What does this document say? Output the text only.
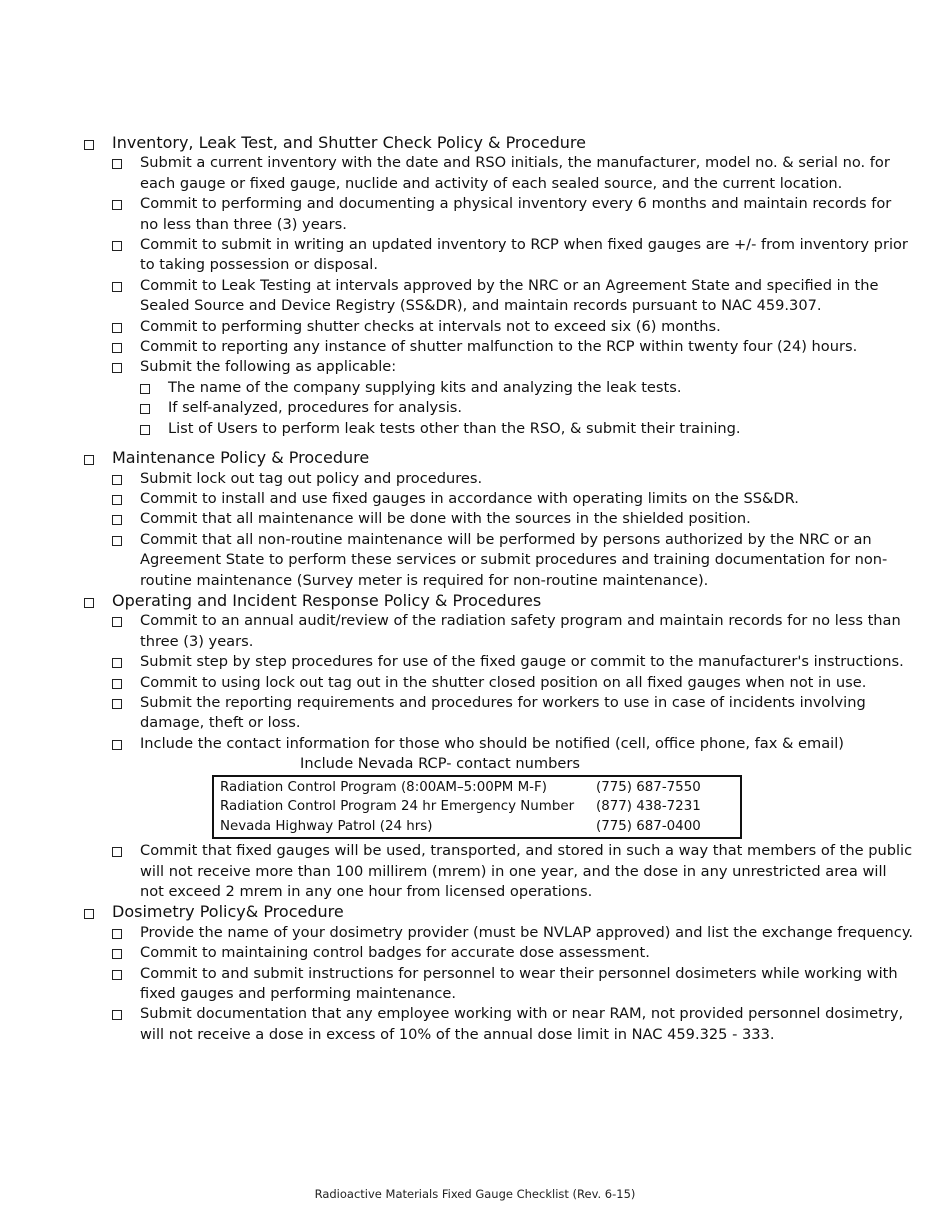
Inventory, Leak Test, and Shutter Check Policy & Procedure
Submit a current inventory with the date and RSO initials, the manufacturer, model no. & serial no. for each gauge or fixed gauge, nuclide and activity of each sealed source, and the current location.
Commit to performing and documenting a physical inventory every 6 months and maintain records for no less than three (3) years.
Commit to submit in writing an updated inventory to RCP when fixed gauges are +/- from inventory prior to taking possession or disposal.
Commit to Leak Testing at intervals approved by the NRC or an Agreement State and specified in the Sealed Source and Device Registry (SS&DR), and maintain records pursuant to NAC 459.307.
Commit to performing shutter checks at intervals not to exceed six (6) months.
Commit to reporting any instance of shutter malfunction to the RCP within twenty four (24) hours.
Submit the following as applicable:
The name of the company supplying kits and analyzing the leak tests.
If self-analyzed, procedures for analysis.
List of Users to perform leak tests other than the RSO, & submit their training.
Maintenance Policy & Procedure
Submit lock out tag out policy and procedures.
Commit to install and use fixed gauges in accordance with operating limits on the SS&DR.
Commit that all maintenance will be done with the sources in the shielded position.
Commit that all non-routine maintenance will be performed by persons authorized by the NRC or an Agreement State to perform these services or submit procedures and training documentation for non-routine maintenance (Survey meter is required for non-routine maintenance).
Operating and Incident Response Policy & Procedures
Commit to an annual audit/review of the radiation safety program and maintain records for no less than three (3) years.
Submit step by step procedures for use of the fixed gauge or commit to the manufacturer's instructions.
Commit to using lock out tag out in the shutter closed position on all fixed gauges when not in use.
Submit the reporting requirements and procedures for workers to use in case of incidents involving damage, theft or loss.
Include the contact information for those who should be notified (cell, office phone, fax & email)
Include Nevada RCP- contact numbers
Radiation Control Program (8:00AM–5:00PM M-F)	(775) 687-7550
Radiation Control Program 24 hr Emergency Number	(877) 438-7231
Nevada Highway Patrol (24 hrs)	(775) 687-0400
Commit that fixed gauges will be used, transported, and stored in such a way that members of the public will not receive more than 100 millirem (mrem) in one year, and the dose in any unrestricted area will not exceed 2 mrem in any one hour from licensed operations.
Dosimetry Policy& Procedure
Provide the name of your dosimetry provider (must be NVLAP approved) and list the exchange frequency.
Commit to maintaining control badges for accurate dose assessment.
Commit to and submit instructions for personnel to wear their personnel dosimeters while working with fixed gauges and performing maintenance.
Submit documentation that any employee working with or near RAM, not provided personnel dosimetry, will not receive a dose in excess of 10% of the annual dose limit in NAC 459.325 - 333.
Radioactive Materials Fixed Gauge Checklist (Rev. 6-15)
